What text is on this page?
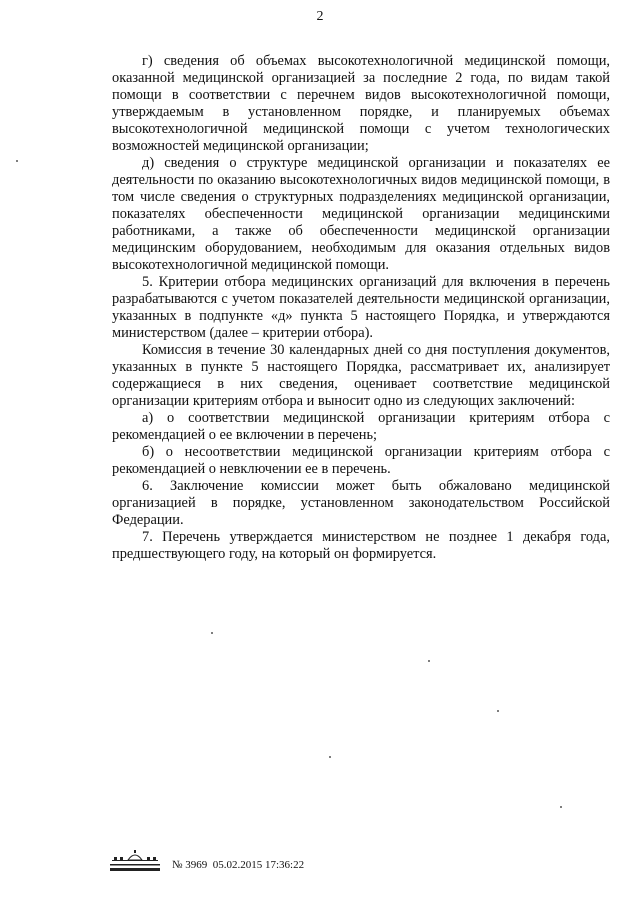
2

г) сведения об объемах высокотехнологичной медицинской помощи, оказанной медицинской организацией за последние 2 года, по видам такой помощи в соответствии с перечнем видов высокотехнологичной помощи, утверждаемым в установленном порядке, и планируемых объемах высокотехнологичной медицинской помощи с учетом технологических возможностей медицинской организации;

д) сведения о структуре медицинской организации и показателях ее деятельности по оказанию высокотехнологичных видов медицинской помощи, в том числе сведения о структурных подразделениях медицинской организации, показателях обеспеченности медицинской организации медицинскими работниками, а также об обеспеченности медицинской организации медицинским оборудованием, необходимым для оказания отдельных видов высокотехнологичной медицинской помощи.

5. Критерии отбора медицинских организаций для включения в перечень разрабатываются с учетом показателей деятельности медицинской организации, указанных в подпункте «д» пункта 5 настоящего Порядка, и утверждаются министерством (далее – критерии отбора).

Комиссия в течение 30 календарных дней со дня поступления документов, указанных в пункте 5 настоящего Порядка, рассматривает их, анализирует содержащиеся в них сведения, оценивает соответствие медицинской организации критериям отбора и выносит одно из следующих заключений:

а) о соответствии медицинской организации критериям отбора с рекомендацией о ее включении в перечень;

б) о несоответствии медицинской организации критериям отбора с рекомендацией о невключении ее в перечень.

6. Заключение комиссии может быть обжаловано медицинской организацией в порядке, установленном законодательством Российской Федерации.

7. Перечень утверждается министерством не позднее 1 декабря года, предшествующего году, на который он формируется.

№ 3969  05.02.2015 17:36:22
